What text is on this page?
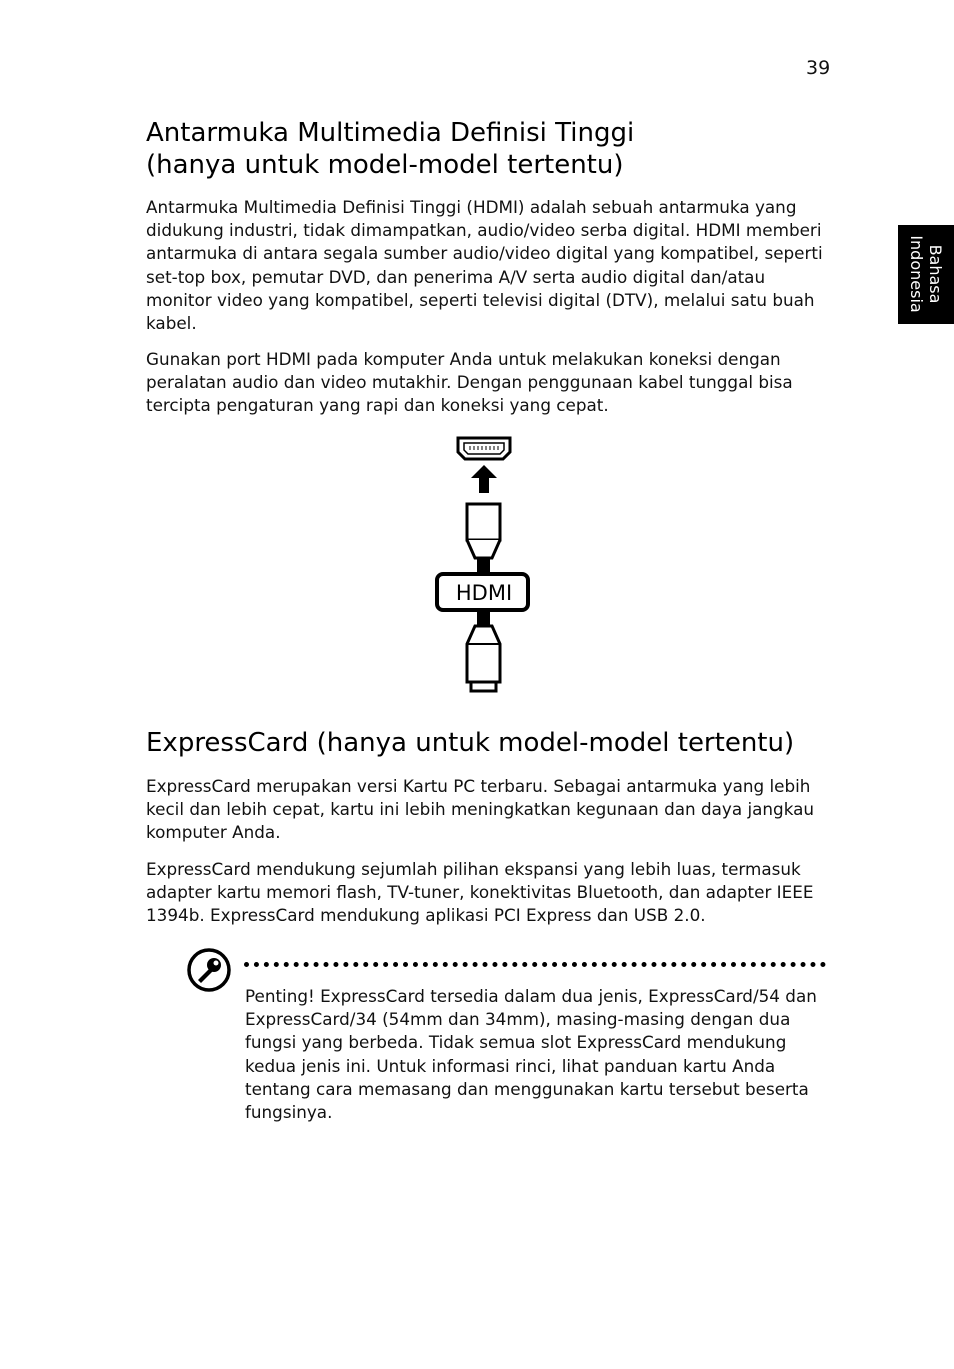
39
Bahasa
Indonesia
Antarmuka Multimedia Definisi Tinggi
(hanya untuk model-model tertentu)

Antarmuka Multimedia Definisi Tinggi (HDMI) adalah sebuah antarmuka yang didukung industri, tidak dimampatkan, audio/video serba digital. HDMI memberi antarmuka di antara segala sumber audio/video digital yang kompatibel, seperti set-top box, pemutar DVD, dan penerima A/V serta audio digital dan/atau monitor video yang kompatibel, seperti televisi digital (DTV), melalui satu buah kabel.

Gunakan port HDMI pada komputer Anda untuk melakukan koneksi dengan peralatan audio dan video mutakhir. Dengan penggunaan kabel tunggal bisa tercipta pengaturan yang rapi dan koneksi yang cepat.

HDMI
ExpressCard (hanya untuk model-model tertentu)

ExpressCard merupakan versi Kartu PC terbaru. Sebagai antarmuka yang lebih kecil dan lebih cepat, kartu ini lebih meningkatkan kegunaan dan daya jangkau komputer Anda.

ExpressCard mendukung sejumlah pilihan ekspansi yang lebih luas, termasuk adapter kartu memori flash, TV-tuner, konektivitas Bluetooth, dan adapter IEEE 1394b. ExpressCard mendukung aplikasi PCI Express dan USB 2.0.

Penting! ExpressCard tersedia dalam dua jenis, ExpressCard/54 dan ExpressCard/34 (54mm dan 34mm), masing-masing dengan dua fungsi yang berbeda. Tidak semua slot ExpressCard mendukung kedua jenis ini. Untuk informasi rinci, lihat panduan kartu Anda tentang cara memasang dan menggunakan kartu tersebut beserta fungsinya.
